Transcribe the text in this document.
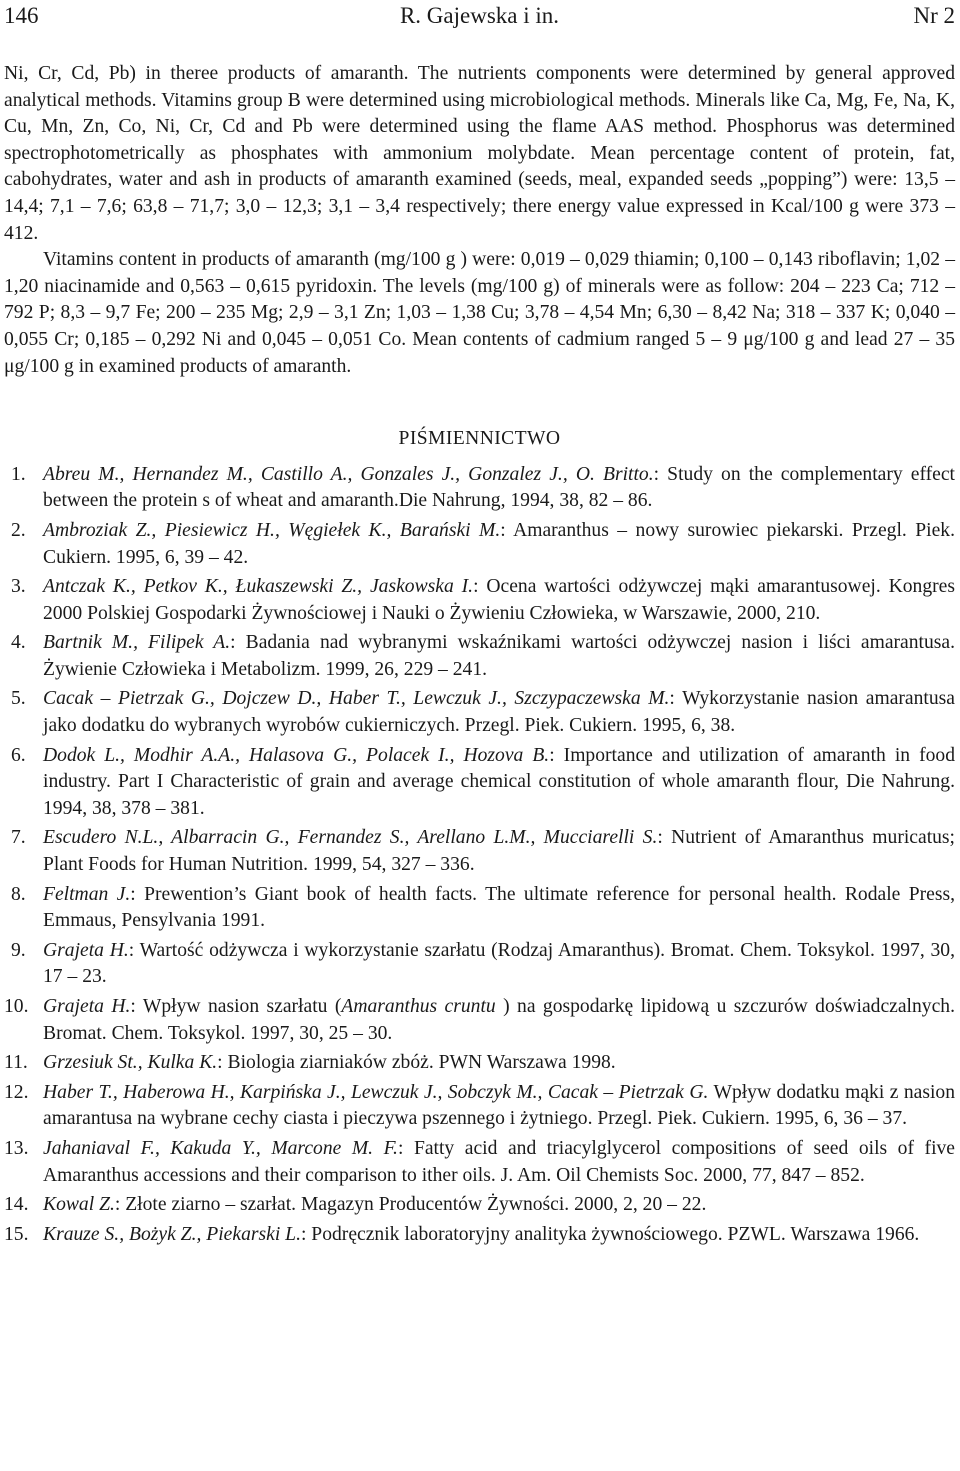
146	R. Gajewska i in.	Nr 2

Ni, Cr, Cd, Pb) in theree products of amaranth. The nutrients components were determined by general approved analytical methods. Vitamins group B were determined using microbiological methods. Minerals like Ca, Mg, Fe, Na, K, Cu, Mn, Zn, Co, Ni, Cr, Cd and Pb were determined using the flame AAS method. Phosphorus was determined spectrophotometrically as phosphates with ammonium molybdate. Mean percentage content of protein, fat, cabohydrates, water and ash in products of amaranth examined (seeds, meal, expanded seeds „popping”) were: 13,5 – 14,4; 7,1 – 7,6; 63,8 – 71,7; 3,0 – 12,3; 3,1 – 3,4 respectively; there energy value expressed in Kcal/100 g were 373 – 412.

Vitamins content in products of amaranth (mg/100 g ) were: 0,019 – 0,029 thiamin; 0,100 – 0,143 riboflavin; 1,02 – 1,20 niacinamide and 0,563 – 0,615 pyridoxin. The levels (mg/100 g) of minerals were as follow: 204 – 223 Ca; 712 – 792 P; 8,3 – 9,7 Fe; 200 – 235 Mg; 2,9 – 3,1 Zn; 1,03 – 1,38 Cu; 3,78 – 4,54 Mn; 6,30 – 8,42 Na; 318 – 337 K; 0,040 – 0,055 Cr; 0,185 – 0,292 Ni and 0,045 – 0,051 Co. Mean contents of cadmium ranged 5 – 9 μg/100 g and lead 27 – 35 μg/100 g in examined products of amaranth.

PIŚMIENNICTWO
1. Abreu M., Hernandez M., Castillo A., Gonzales J., Gonzalez J., O. Britto.: Study on the complementary effect between the protein s of wheat and amaranth.Die Nahrung, 1994, 38, 82 – 86.
2. Ambroziak Z., Piesiewicz H., Węgiełek K., Barański M.: Amaranthus – nowy surowiec piekarski. Przegl. Piek. Cukiern. 1995, 6, 39 – 42.
3. Antczak K., Petkov K., Łukaszewski Z., Jaskowska I.: Ocena wartości odżywczej mąki amarantusowej. Kongres 2000 Polskiej Gospodarki Żywnościowej i Nauki o Żywieniu Człowieka, w Warszawie, 2000, 210.
4. Bartnik M., Filipek A.: Badania nad wybranymi wskaźnikami wartości odżywczej nasion i liści amarantusa. Żywienie Człowieka i Metabolizm. 1999, 26, 229 – 241.
5. Cacak – Pietrzak G., Dojczew D., Haber T., Lewczuk J., Szczypaczewska M.: Wykorzystanie nasion amarantusa jako dodatku do wybranych wyrobów cukierniczych. Przegl. Piek. Cukiern. 1995, 6, 38.
6. Dodok L., Modhir A.A., Halasova G., Polacek I., Hozova B.: Importance and utilization of amaranth in food industry. Part I Characteristic of grain and average chemical constitution of whole amaranth flour, Die Nahrung. 1994, 38, 378 – 381.
7. Escudero N.L., Albarracin G., Fernandez S., Arellano L.M., Mucciarelli S.: Nutrient of Amaranthus muricatus; Plant Foods for Human Nutrition. 1999, 54, 327 – 336.
8. Feltman J.: Prewention’s Giant book of health facts. The ultimate reference for personal health. Rodale Press, Emmaus, Pensylvania 1991.
9. Grajeta H.: Wartość odżywcza i wykorzystanie szarłatu (Rodzaj Amaranthus). Bromat. Chem. Toksykol. 1997, 30, 17 – 23.
10. Grajeta H.: Wpływ nasion szarłatu (Amaranthus cruntu ) na gospodarkę lipidową u szczurów doświadczalnych. Bromat. Chem. Toksykol. 1997, 30, 25 – 30.
11. Grzesiuk St., Kulka K.: Biologia ziarniaków zbóż. PWN Warszawa 1998.
12. Haber T., Haberowa H., Karpińska J., Lewczuk J., Sobczyk M., Cacak – Pietrzak G. Wpływ dodatku mąki z nasion amarantusa na wybrane cechy ciasta i pieczywa pszennego i żytniego. Przegl. Piek. Cukiern. 1995, 6, 36 – 37.
13. Jahaniaval F., Kakuda Y., Marcone M. F.: Fatty acid and triacylglycerol compositions of seed oils of five Amaranthus accessions and their comparison to ither oils. J. Am. Oil Chemists Soc. 2000, 77, 847 – 852.
14. Kowal Z.: Złote ziarno – szarłat. Magazyn Producentów Żywności. 2000, 2, 20 – 22.
15. Krauze S., Bożyk Z., Piekarski L.: Podręcznik laboratoryjny analityka żywnościowego. PZWL. Warszawa 1966.
